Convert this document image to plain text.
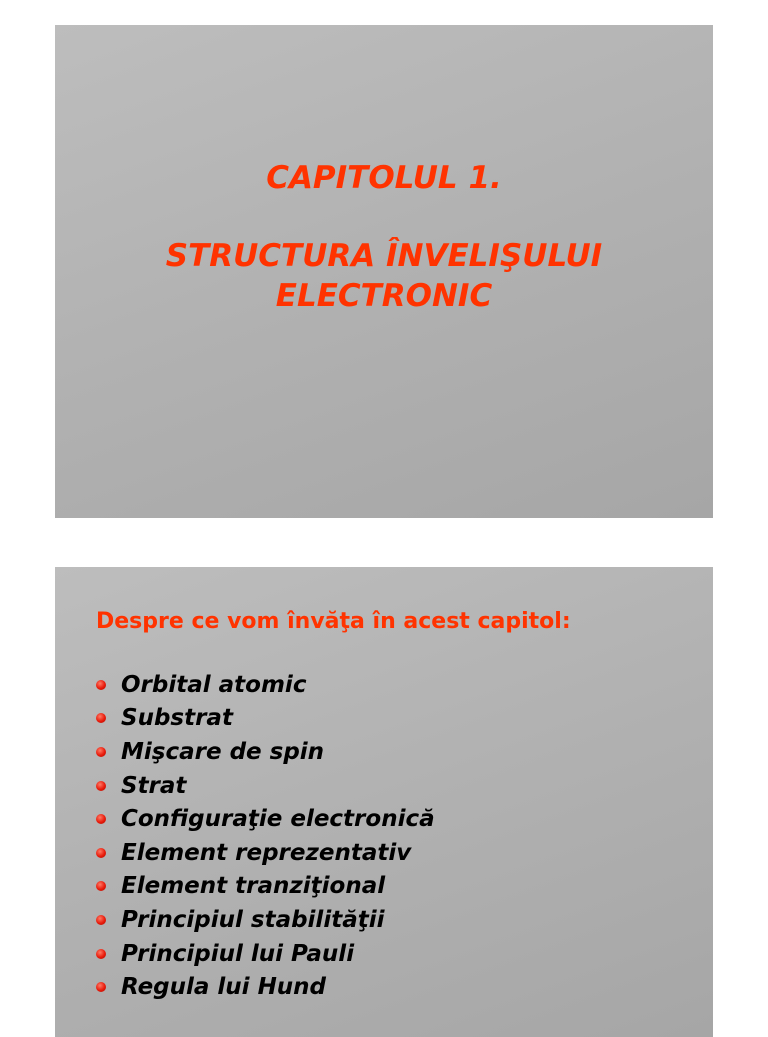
CAPITOLUL 1.
STRUCTURA ÎNVELIŞULUI ELECTRONIC
Despre ce vom învăţa în acest capitol:
Orbital atomic
Substrat
Mişcare de spin
Strat
Configuraţie electronică
Element reprezentativ
Element tranziţional
Principiul stabilităţii
Principiul lui Pauli
Regula lui Hund
